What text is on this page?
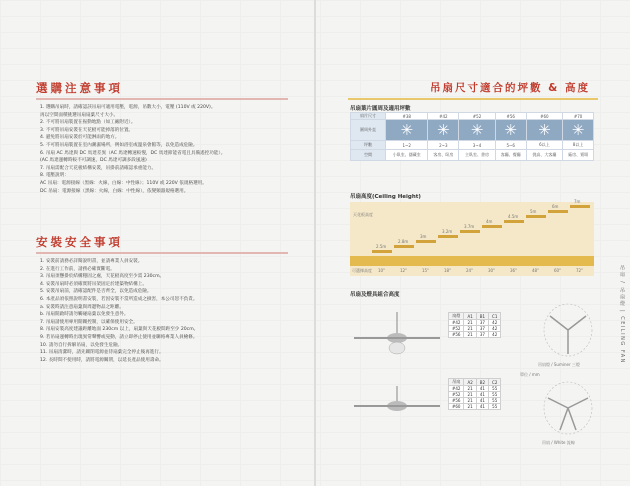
選購注意事項

1. 選購吊扇時，請確認該吊扇可適用電壓，電源，吊數大小，電壓 (110V 或 220V)。

再以空間面積挑選吊扇扇葉尺寸大小。

2. 不可將吊扇裝置在振動地點（如工廠附近）。

3. 不可將吊扇安裝在天花板可能掉落的位置。

4. 避免將吊扇安裝於可能淋雨的地方。

5. 不可將吊扇裝置在室內潮濕場所，例如浴室或溫泉會館等，以免造成危險。

6. 吊扇 AC 馬達與 DC 馬達差異（AC 馬達轉速較慢，DC 馬達節能省電且具備遙控功能）。

(AC 馬達運轉時較不可調速，DC 馬達可調多段風速)

7. 吊扇需配合天花板結構安裝，吊掛前請確認承重能力。

8. 電壓說明：

AC 吊扇：電源接線（黑線：火線，白線：中性線）；110V 或 220V 依規格選用。

DC 吊扇：電源接線（黑線：火線，白線：中性線），依變頻器規格選用。

安裝安全事項

1. 安裝前請務必詳閱說明書，並請專業人員安裝。

2. 在進行工作前，請務必確實斷電。

3. 吊扇須懸掛於結構穩固之處，天花板高度至少需 230cm。

4. 安裝吊扇時必須確實將吊架固定於建築物結構上。

5. 安裝吊扇前，請確認配件是否齊全，以免造成危險。

6. 本產品須依照說明書安裝，若因安裝不當所造成之損害，本公司恕不負責。

a. 安裝時請注意扇葉與周邊物品之距離。

b. 吊扇開啟時請勿觸碰扇葉以免發生意外。

7. 吊扇請使用專用開關控制，以確保使用安全。

8. 吊扇安裝高度建議距離地面 230cm 以上，扇葉與天花板間距至少 20cm。

9. 若吊扇運轉時出現異常聲響或晃動，請立即停止使用並聯絡專業人員檢修。

10. 請勿自行拆解吊扇，以免發生危險。

11. 吊扇清潔時，請先關閉電源並待扇葉完全停止後再進行。

12. 長時間不使用時，請將電源關閉，以延長產品使用壽命。

吊扇尺寸適合的坪數 & 高度
吊扇葉片圓周及適用坪數
扇片尺寸	#38	#42	#52	#56	#60	#70
圓周外直	✳	✳	✳	✳	✳	✳
坪數	1~2	2~3	3~4	5~6	6以上	8以上
空間	小臥室、儲藏室	客房、臥房	主臥室、書房	客廳、餐廳	挑高、大客廳	廠房、賣場
吊扇高度(Ceiling Height)
天花板高度
可選擇高度
2.5m
10"
2.8m
12"
3m
15"
3.2m
18"
3.7m
24"
4m
30"
4.5m
36"
5m
48"
6m
60"
7m
72"
吊扇及燈具組合高度
扇燈	A1	B1	C1
#42	21	37	42
#52	21	37	42
#56	21	37	42
單位 / mm
吊扇	A2	B2	C2
#42	21	41	55
#52	21	41	55
#56	21	41	55
#60	21	41	55
吊扇燈 / Suminer 三燈
吊扇 / White 流線
吊扇 / 吊扇燈 | CEILING FAN
